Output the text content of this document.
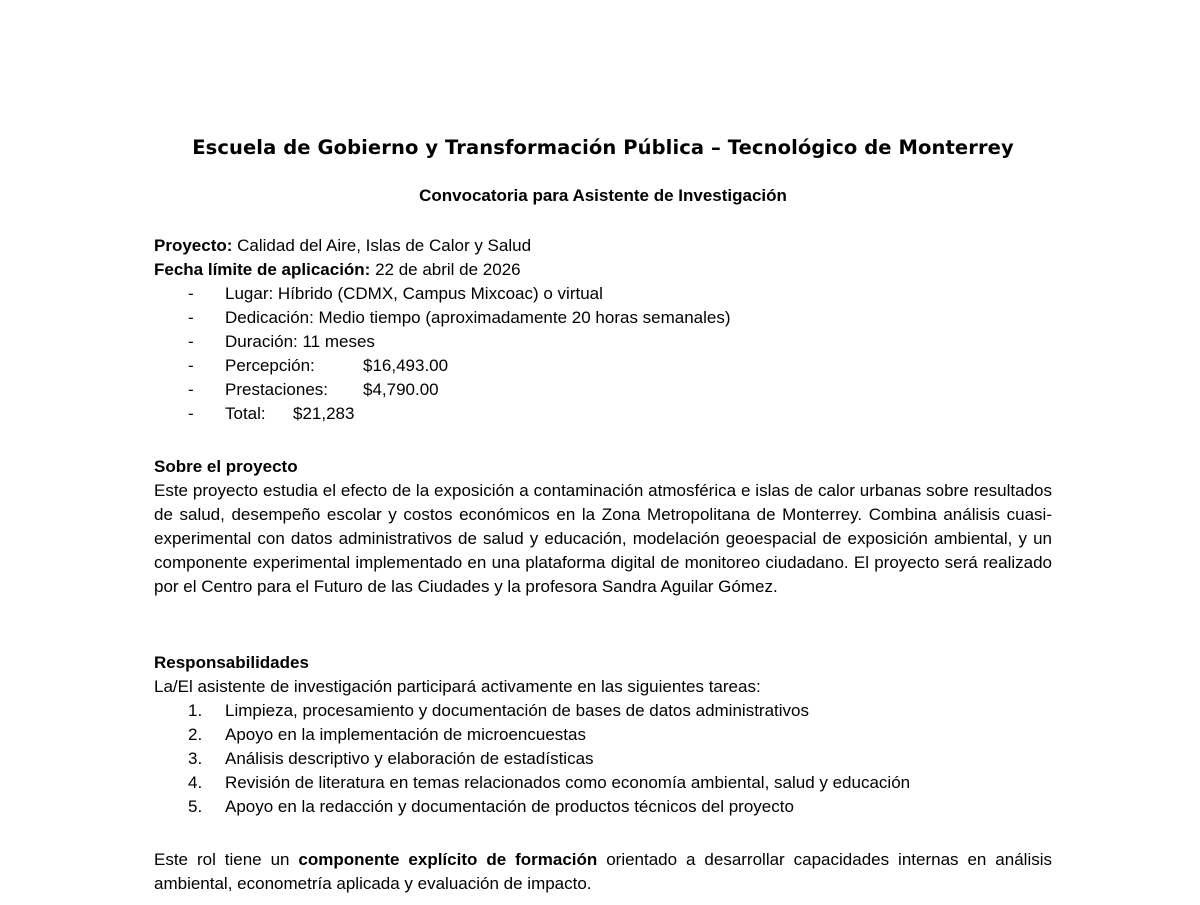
Escuela de Gobierno y Transformación Pública – Tecnológico de Monterrey
Convocatoria para Asistente de Investigación
Proyecto: Calidad del Aire, Islas de Calor y Salud
Fecha límite de aplicación: 22 de abril de 2026
-	Lugar: Híbrido (CDMX, Campus Mixcoac) o virtual
-	Dedicación: Medio tiempo (aproximadamente 20 horas semanales)
-	Duración: 11 meses
-	Percepción:	$16,493.00
-	Prestaciones: $4,790.00
-	Total: $21,283
Sobre el proyecto
Este proyecto estudia el efecto de la exposición a contaminación atmosférica e islas de calor urbanas sobre resultados de salud, desempeño escolar y costos económicos en la Zona Metropolitana de Monterrey. Combina análisis cuasi-experimental con datos administrativos de salud y educación, modelación geoespacial de exposición ambiental, y un componente experimental implementado en una plataforma digital de monitoreo ciudadano. El proyecto será realizado por el Centro para el Futuro de las Ciudades y la profesora Sandra Aguilar Gómez.
Responsabilidades
La/El asistente de investigación participará activamente en las siguientes tareas:
1. Limpieza, procesamiento y documentación de bases de datos administrativos
2. Apoyo en la implementación de microencuestas
3. Análisis descriptivo y elaboración de estadísticas
4. Revisión de literatura en temas relacionados como economía ambiental, salud y educación
5. Apoyo en la redacción y documentación de productos técnicos del proyecto
Este rol tiene un componente explícito de formación orientado a desarrollar capacidades internas en análisis ambiental, econometría aplicada y evaluación de impacto.
